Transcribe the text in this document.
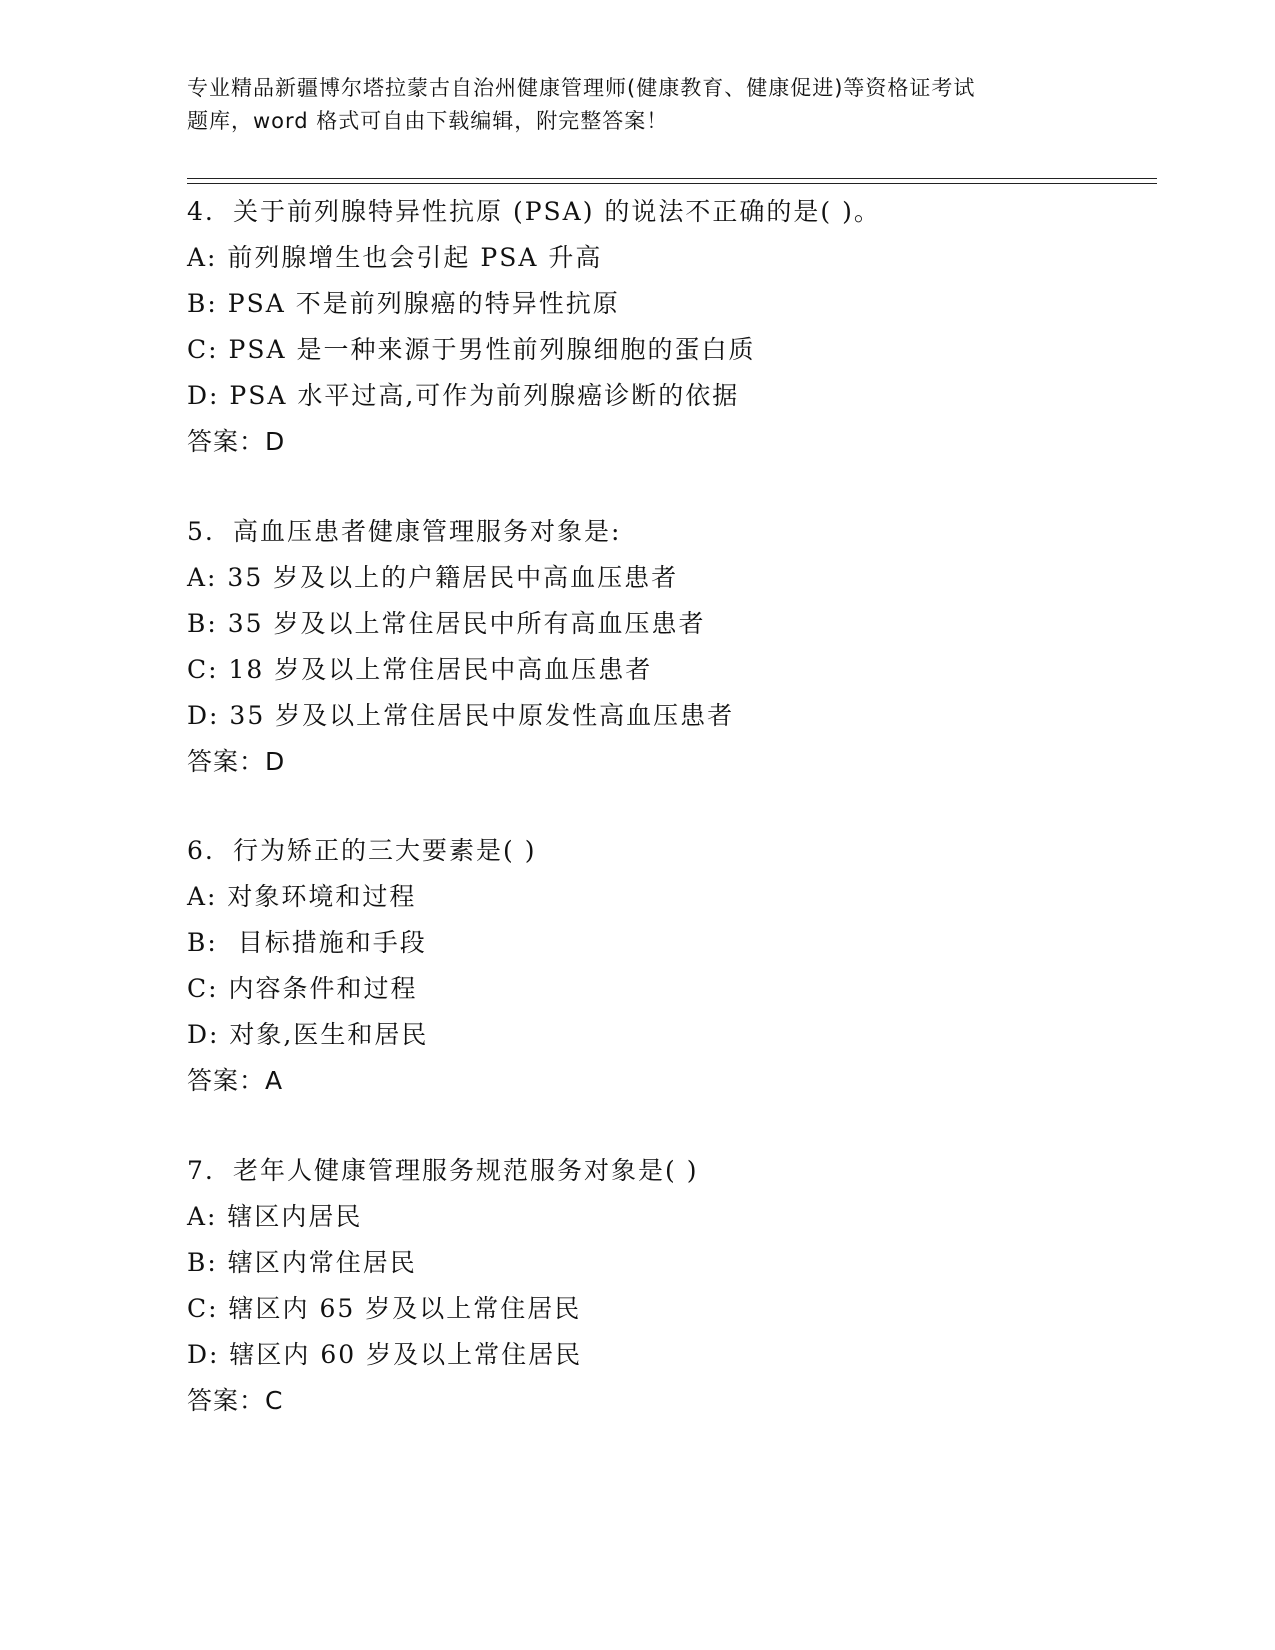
专业精品新疆博尔塔拉蒙古自治州健康管理师(健康教育、健康促进)等资格证考试
题库，word 格式可自由下载编辑，附完整答案！
4. 关于前列腺特异性抗原 (PSA) 的说法不正确的是( )。
A: 前列腺增生也会引起 PSA 升高
B: PSA 不是前列腺癌的特异性抗原
C: PSA 是一种来源于男性前列腺细胞的蛋白质
D: PSA 水平过高,可作为前列腺癌诊断的依据
答案：D
5. 高血压患者健康管理服务对象是:
A: 35 岁及以上的户籍居民中高血压患者
B: 35 岁及以上常住居民中所有高血压患者
C: 18 岁及以上常住居民中高血压患者
D: 35 岁及以上常住居民中原发性高血压患者
答案：D
6. 行为矫正的三大要素是( )
A: 对象环境和过程
B:  目标措施和手段
C: 内容条件和过程
D: 对象,医生和居民
答案：A
7. 老年人健康管理服务规范服务对象是( )
A: 辖区内居民
B: 辖区内常住居民
C: 辖区内 65 岁及以上常住居民
D: 辖区内 60 岁及以上常住居民
答案：C
